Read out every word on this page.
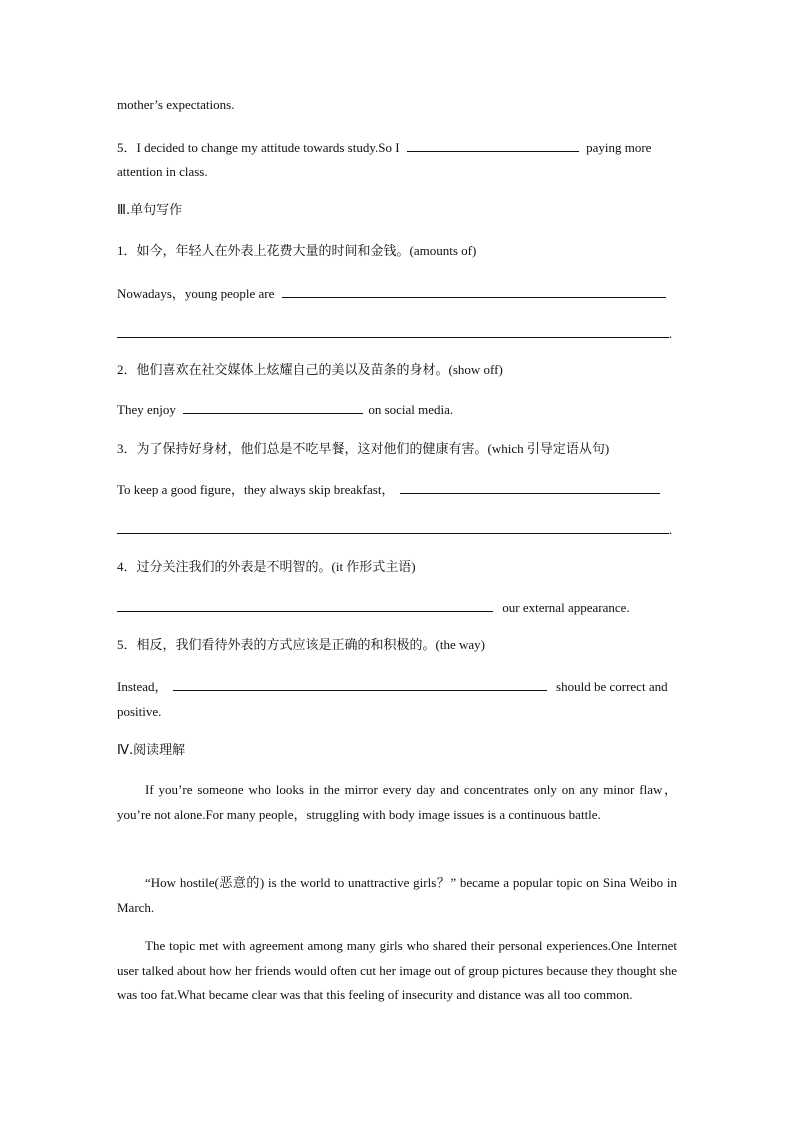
mother’s expectations.
5．I decided to change my attitude towards study.So I	paying more
attention in class.
Ⅲ.单句写作
1．如今，年轻人在外表上花费大量的时间和金钱。(amounts of)
Nowadays，young people are
.
2．他们喜欢在社交媒体上炫耀自己的美以及苗条的身材。(show off)
They enjoy	on social media.
3．为了保持好身材，他们总是不吃早餐，这对他们的健康有害。(which 引导定语从句)
To keep a good figure，they always skip breakfast，
.
4．过分关注我们的外表是不明智的。(it 作形式主语)
our external appearance.
5．相反，我们看待外表的方式应该是正确的和积极的。(the way)
Instead，	should be correct and
positive.
Ⅳ.阅读理解
If you’re someone who looks in the mirror every day and concentrates only on any minor flaw，you’re not alone.For many people，struggling with body image issues is a continuous battle.
“How hostile(恶意的) is the world to unattractive girls？” became a popular topic on Sina Weibo in March.
The topic met with agreement among many girls who shared their personal experiences.One Internet user talked about how her friends would often cut her image out of group pictures because they thought she was too fat.What became clear was that this feeling of insecurity and distance was all too common.
